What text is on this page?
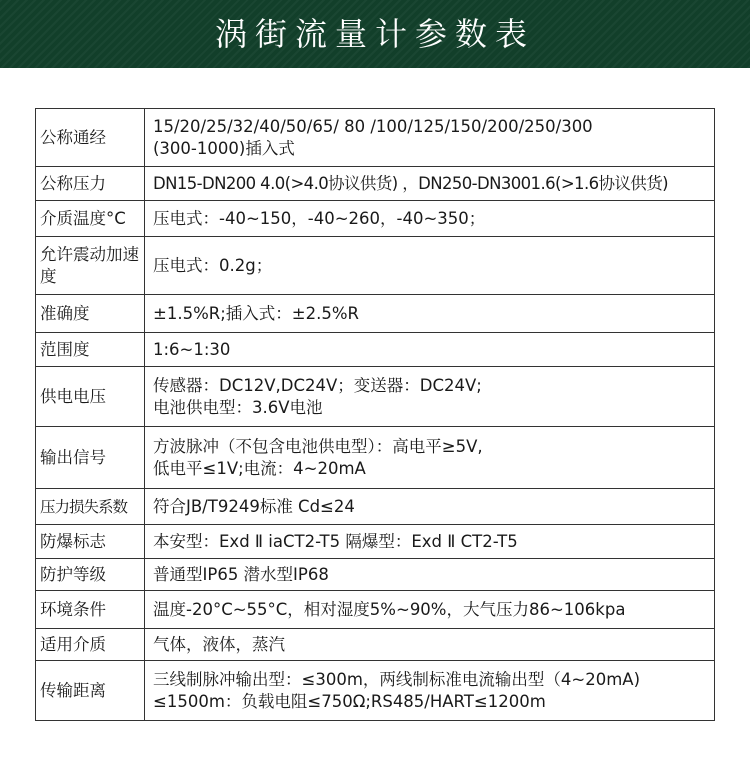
涡街流量计参数表
公称通经	15/20/25/32/40/50/65/ 80 /100/125/150/200/250/300
(300-1000)插入式

公称压力	DN15-DN200 4.0(>4.0协议供货) ，DN250-DN3001.6(>1.6协议供货)

介质温度°C	压电式：-40~150，-40~260，-40~350；

允许震动加速度	压电式：0.2g；

准确度	±1.5%R;插入式：±2.5%R

范围度	1:6~1:30

供电电压	传感器：DC12V,DC24V；变送器：DC24V;
电池供电型：3.6V电池

输出信号	方波脉冲（不包含电池供电型）：高电平≥5V,
低电平≤1V;电流：4~20mA

压力损失系数	符合JB/T9249标准 Cd≤24

防爆标志	本安型：Exd Ⅱ iaCT2-T5 隔爆型：Exd Ⅱ CT2-T5

防护等级	普通型IP65 潜水型IP68

环境条件	温度-20°C~55°C，相对湿度5%~90%，大气压力86~106kpa

适用介质	气体，液体，蒸汽

传输距离	三线制脉冲输出型：≤300m，两线制标准电流输出型（4~20mA)
≤1500m：负载电阻≤750Ω;RS485/HART≤1200m
